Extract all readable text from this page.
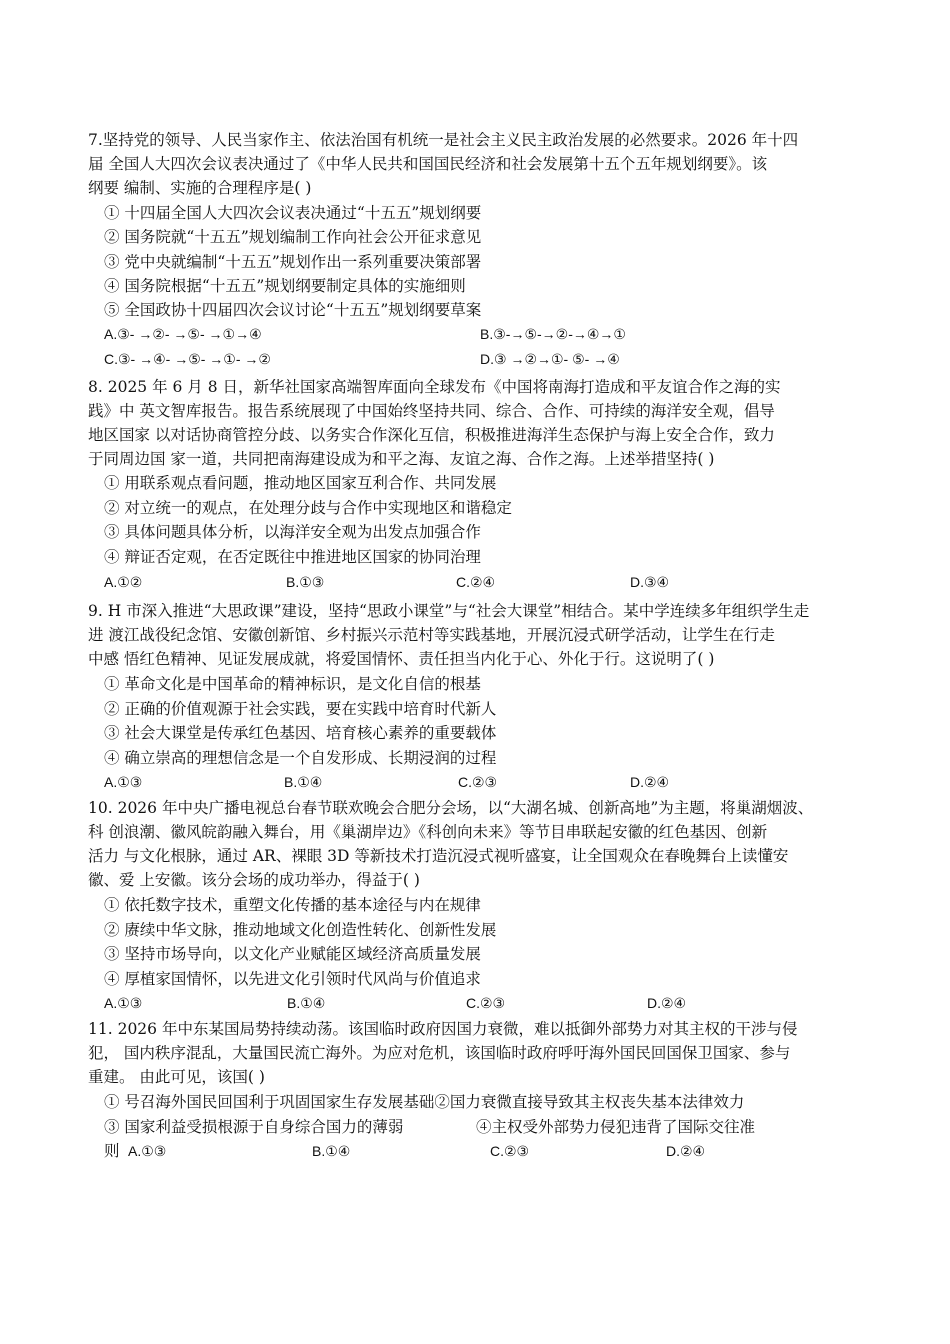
7.坚持党的领导、人民当家作主、依法治国有机统一是社会主义民主政治发展的必然要求。2026 年十四
届 全国人大四次会议表决通过了《中华人民共和国国民经济和社会发展第十五个五年规划纲要》。该
纲要 编制、实施的合理程序是( )
① 十四届全国人大四次会议表决通过“十五五”规划纲要
② 国务院就“十五五”规划编制工作向社会公开征求意见
③ 党中央就编制“十五五”规划作出一系列重要决策部署
④ 国务院根据“十五五”规划纲要制定具体的实施细则
⑤ 全国政协十四届四次会议讨论“十五五”规划纲要草案
A.③- →②- →⑤- →①→④	B.③-→⑤-→②-→④→①
C.③- →④- →⑤- →①- →②	D.③ →②→①- ⑤- →④
8. 2025 年 6 月 8 日，新华社国家高端智库面向全球发布《中国将南海打造成和平友谊合作之海的实
践》中 英文智库报告。报告系统展现了中国始终坚持共同、综合、合作、可持续的海洋安全观，倡导
地区国家 以对话协商管控分歧、以务实合作深化互信，积极推进海洋生态保护与海上安全合作，致力
于同周边国 家一道，共同把南海建设成为和平之海、友谊之海、合作之海。上述举措坚持( )
① 用联系观点看问题，推动地区国家互利合作、共同发展
② 对立统一的观点，在处理分歧与合作中实现地区和谐稳定
③ 具体问题具体分析，以海洋安全观为出发点加强合作
④ 辩证否定观，在否定既往中推进地区国家的协同治理
A.①②	B.①③	C.②④	D.③④
9. H 市深入推进“大思政课”建设，坚持“思政小课堂”与“社会大课堂”相结合。某中学连续多年组织学生走
进 渡江战役纪念馆、安徽创新馆、乡村振兴示范村等实践基地，开展沉浸式研学活动，让学生在行走
中感 悟红色精神、见证发展成就，将爱国情怀、责任担当内化于心、外化于行。这说明了( )
① 革命文化是中国革命的精神标识，是文化自信的根基
② 正确的价值观源于社会实践，要在实践中培育时代新人
③ 社会大课堂是传承红色基因、培育核心素养的重要载体
④ 确立崇高的理想信念是一个自发形成、长期浸润的过程
A.①③	B.①④	C.②③	D.②④
10. 2026 年中央广播电视总台春节联欢晚会合肥分会场，以“大湖名城、创新高地”为主题，将巢湖烟波、
科 创浪潮、徽风皖韵融入舞台，用《巢湖岸边》《科创向未来》等节目串联起安徽的红色基因、创新
活力 与文化根脉，通过 AR、裸眼 3D 等新技术打造沉浸式视听盛宴，让全国观众在春晚舞台上读懂安
徽、爱 上安徽。该分会场的成功举办，得益于( )
① 依托数字技术，重塑文化传播的基本途径与内在规律
② 赓续中华文脉，推动地域文化创造性转化、创新性发展
③ 坚持市场导向，以文化产业赋能区域经济高质量发展
④ 厚植家国情怀，以先进文化引领时代风尚与价值追求
A.①③	B.①④	C.②③	D.②④
11. 2026 年中东某国局势持续动荡。该国临时政府因国力衰微，难以抵御外部势力对其主权的干涉与侵
犯， 国内秩序混乱，大量国民流亡海外。为应对危机，该国临时政府呼吁海外国民回国保卫国家、参与
重建。 由此可见，该国( )
① 号召海外国民回国利于巩固国家生存发展基础②国力衰微直接导致其主权丧失基本法律效力
③ 国家利益受损根源于自身综合国力的薄弱	④主权受外部势力侵犯违背了国际交往准
则 A.①③	B.①④	C.②③	D.②④
